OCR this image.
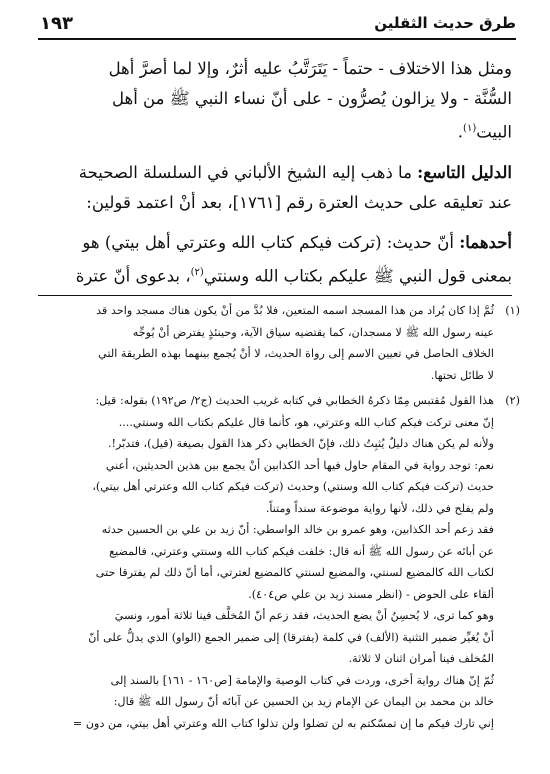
طرق حديث الثقلين
١٩٣
ومثل هذا الاختلاف - حتماً - يَتَرَتَّبُ عليه أثرٌ، وإلا لما أصرَّ أهل
السُّنَّة - ولا يزالون يُصرُّون - على أنّ نساء النبي ﷺ من أهل
البيت$^{(١)}$.
الدليل التاسع: ما ذهب إليه الشيخ الألباني في السلسلة الصحيحة
عند تعليقه على حديث العترة رقم [١٧٦١]، بعد أنْ اعتمد قولين:
أحدهما: أنّ حديث: (تركت فيكم كتاب الله وعترتي أهل بيتي) هو
بمعنى قول النبي ﷺ عليكم بكتاب الله وسنتي$^{(٢)}$، بدعوى أنّ عترة
(١)
ثُمَّ إذا كان يُراد من هذا المسجد اسمه المتعين، فلا بُدَّ من أنْ يكون هناك مسجد واحد قد
عينه رسول الله ﷺ لا مسجدان، كما يقتضيه سياق الآية، وحينئذٍ يفترض أنْ يُوجِّه
الخلاف الحاصل في تعيين الاسم إلى رواة الحديث، لا أنْ يُجمع بينهما بهذه الطريقة التي
لا طائل تحتها.
(٢)
هذا القول مُقتبس مِمّا ذكرهُ الخطابي في كتابه غريب الحديث (ج٢/ ص١٩٢) بقوله: قيل:
إنّ معنى تركت فيكم كتاب الله وعترتي، هو، كأنما قال عليكم بكتاب الله وسنتي....
ولأنه لم يكن هناك دليلٌ يُثبِتُ ذلك، فإنّ الخطابي ذكر هذا القول بصيغة (قيل)، فتدبّر!.
نعم: توجد رواية في المقام حاول فيها أحد الكذابين أنْ يجمع بين هذين الحديثين، أعني
حديث (تركت فيكم كتاب الله وسنتي) وحديث (تركت فيكم كتاب الله وعترتي أهل بيتي)،
ولم يفلح في ذلك، لأنها رواية موضوعة سنداً ومتناً.
فقد زعم أحد الكذابين، وهو عمرو بن خالد الواسطي: أنّ زيد بن علي بن الحسين حدثه
عن أبائه عن رسول الله ﷺ أنه قال: خلفت فيكم كتاب الله وسنتي وعترتي، فالمضيع
لكتاب الله كالمضيع لسنتي، والمضيع لسنتي كالمضيع لعترتي، أما أنّ ذلك لم يفترقا حتى
ألقاء على الحوض - (انظر مسند زيد بن علي ص٤٠٤).
وهو كما ترى، لا يُحسِنُ أنْ يضع الحديث، فقد زعم أنّ المُخلَّف فينا ثلاثة أمور، ونسيَ
أنْ يُغيِّر ضمير التثنية (الألف) في كلمة (يفترقا) إلى ضمير الجمع (الواو) الذي يدلُّ على أنّ
المُخلف فينا أمران اثنان لا ثلاثة.
ثُمّ إنّ هناك رواية أخرى، وردت في كتاب الوصية والإمامة [ص١٦٠ - ١٦١] بالسند إلى
خالد بن محمد بن اليمان عن الإمام زيد بن الحسين عن آبائه أنّ رسول الله ﷺ قال:
إني تارك فيكم ما إن تمسّكتم به لن تضلوا ولن تذلوا كتاب الله وعترتي أهل بيتي، من دون =
